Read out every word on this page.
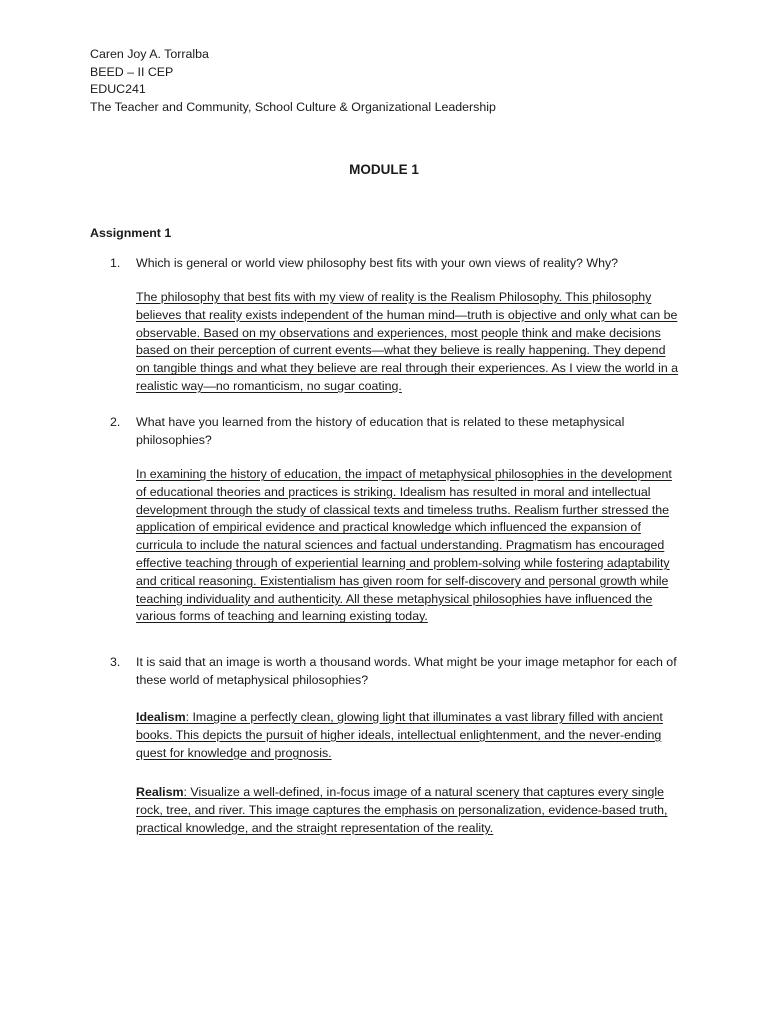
Caren Joy A. Torralba
BEED – II CEP
EDUC241
The Teacher and Community, School Culture & Organizational Leadership
MODULE 1
Assignment 1
1. Which is general or world view philosophy best fits with your own views of reality? Why?
The philosophy that best fits with my view of reality is the Realism Philosophy. This philosophy believes that reality exists independent of the human mind—truth is objective and only what can be observable. Based on my observations and experiences, most people think and make decisions based on their perception of current events—what they believe is really happening. They depend on tangible things and what they believe are real through their experiences. As I view the world in a realistic way—no romanticism, no sugar coating.
2. What have you learned from the history of education that is related to these metaphysical philosophies?
In examining the history of education, the impact of metaphysical philosophies in the development of educational theories and practices is striking. Idealism has resulted in moral and intellectual development through the study of classical texts and timeless truths. Realism further stressed the application of empirical evidence and practical knowledge which influenced the expansion of curricula to include the natural sciences and factual understanding. Pragmatism has encouraged effective teaching through of experiential learning and problem-solving while fostering adaptability and critical reasoning. Existentialism has given room for self-discovery and personal growth while teaching individuality and authenticity. All these metaphysical philosophies have influenced the various forms of teaching and learning existing today.
3. It is said that an image is worth a thousand words. What might be your image metaphor for each of these world of metaphysical philosophies?
Idealism: Imagine a perfectly clean, glowing light that illuminates a vast library filled with ancient books. This depicts the pursuit of higher ideals, intellectual enlightenment, and the never-ending quest for knowledge and prognosis.
Realism: Visualize a well-defined, in-focus image of a natural scenery that captures every single rock, tree, and river. This image captures the emphasis on personalization, evidence-based truth, practical knowledge, and the straight representation of the reality.
